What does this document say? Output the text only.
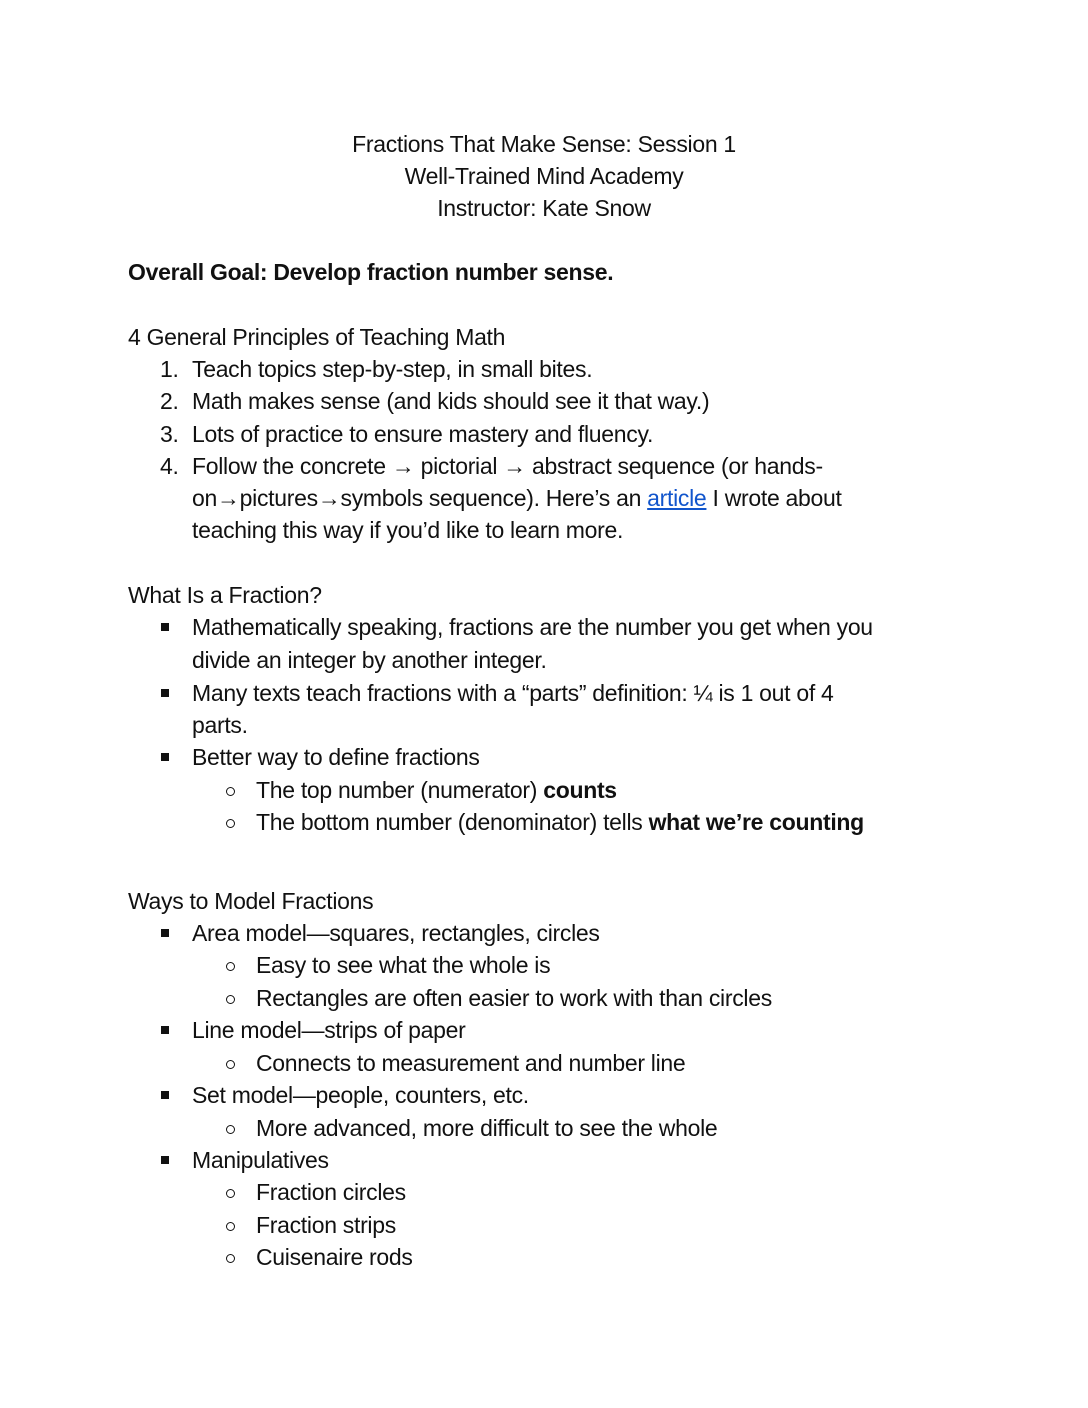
Fractions That Make Sense: Session 1
Well-Trained Mind Academy
Instructor: Kate Snow
Overall Goal: Develop fraction number sense.
4 General Principles of Teaching Math
1. Teach topics step-by-step, in small bites.
2. Math makes sense (and kids should see it that way.)
3. Lots of practice to ensure mastery and fluency.
4. Follow the concrete → pictorial → abstract sequence (or hands-
on→pictures→symbols sequence). Here’s an article I wrote about
teaching this way if you’d like to learn more.
What Is a Fraction?
Mathematically speaking, fractions are the number you get when you
divide an integer by another integer.
Many texts teach fractions with a “parts” definition: ¼ is 1 out of 4
parts.
Better way to define fractions
The top number (numerator) counts
The bottom number (denominator) tells what we’re counting
Ways to Model Fractions
Area model—squares, rectangles, circles
Easy to see what the whole is
Rectangles are often easier to work with than circles
Line model—strips of paper
Connects to measurement and number line
Set model—people, counters, etc.
More advanced, more difficult to see the whole
Manipulatives
Fraction circles
Fraction strips
Cuisenaire rods
